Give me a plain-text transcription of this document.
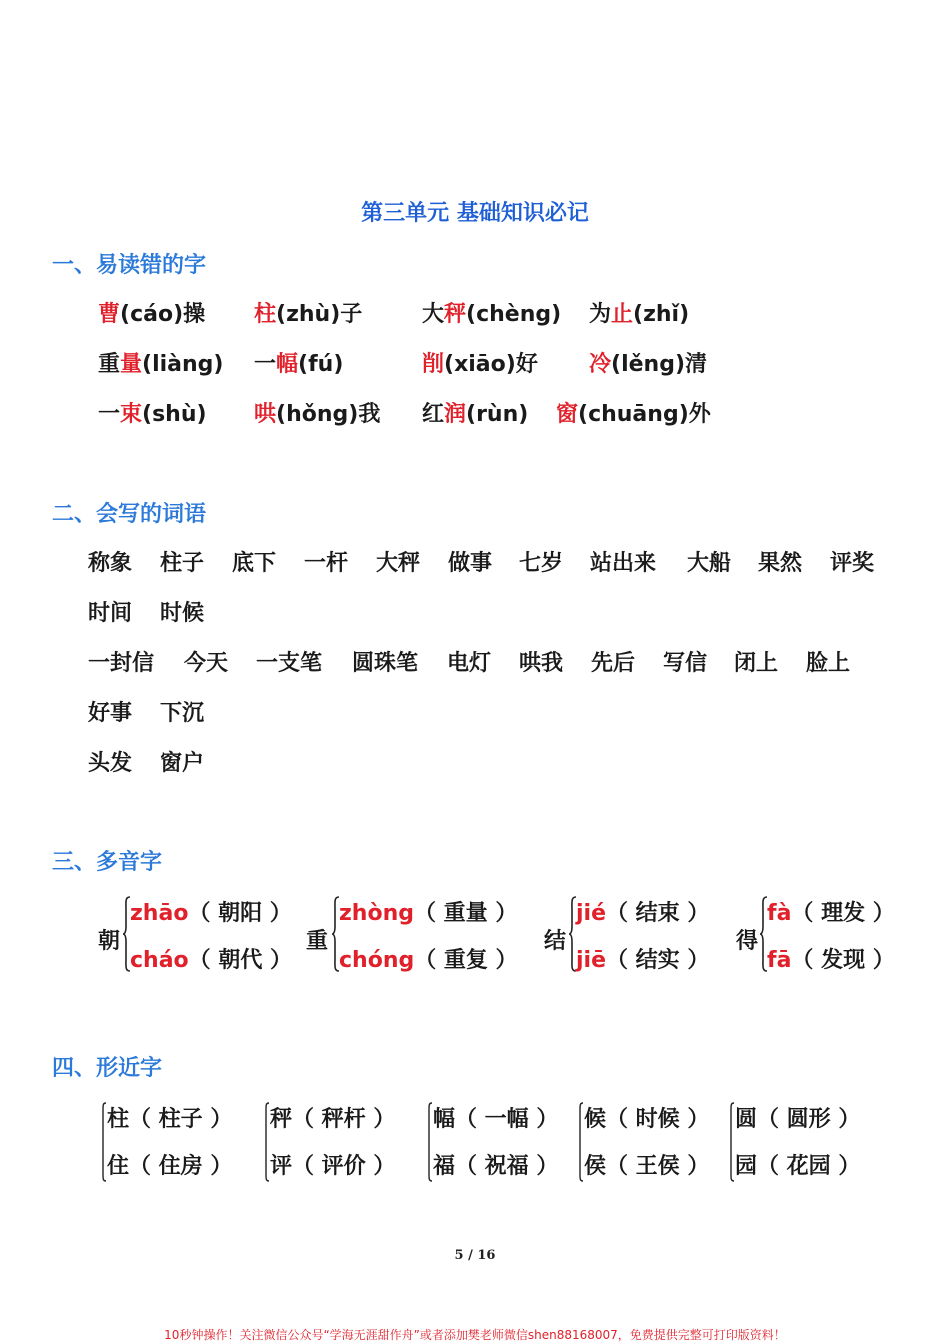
第三单元 基础知识必记
一、易读错的字
曹(cáo)操 柱(zhù)子	大秤(chèng) 为止(zhǐ)
重量(liàng) 一幅(fú)	削(xiāo)好 冷(lěng)清
一束(shù) 哄(hǒng)我 红润(rùn) 窗(chuāng)外
二、会写的词语
称象 柱子 底下 一杆 大秤 做事 七岁 站出来 大船 果然 评奖
时间 时候
一封信 今天 一支笔 圆珠笔 电灯 哄我 先后 写信 闭上 脸上
好事 下沉
头发 窗户
三、多音字
朝
zhāo（ 朝阳 ）
cháo（ 朝代 ）
重
zhòng（ 重量 ）
chóng（ 重复 ）
结
jié（ 结束 ）
jiē（ 结实 ）
得
fà（ 理发 ）
fā（ 发现 ）
四、形近字
柱（ 柱子 ）
住（ 住房 ）
秤（ 秤杆 ）
评（ 评价 ）
幅（ 一幅 ）
福（ 祝福 ）
候（ 时候 ）
侯（ 王侯 ）
圆（ 圆形 ）
园（ 花园 ）
5 / 16
10秒钟操作！关注微信公众号“学海无涯甜作舟”或者添加樊老师微信shen88168007，免费提供完整可打印版资料！
